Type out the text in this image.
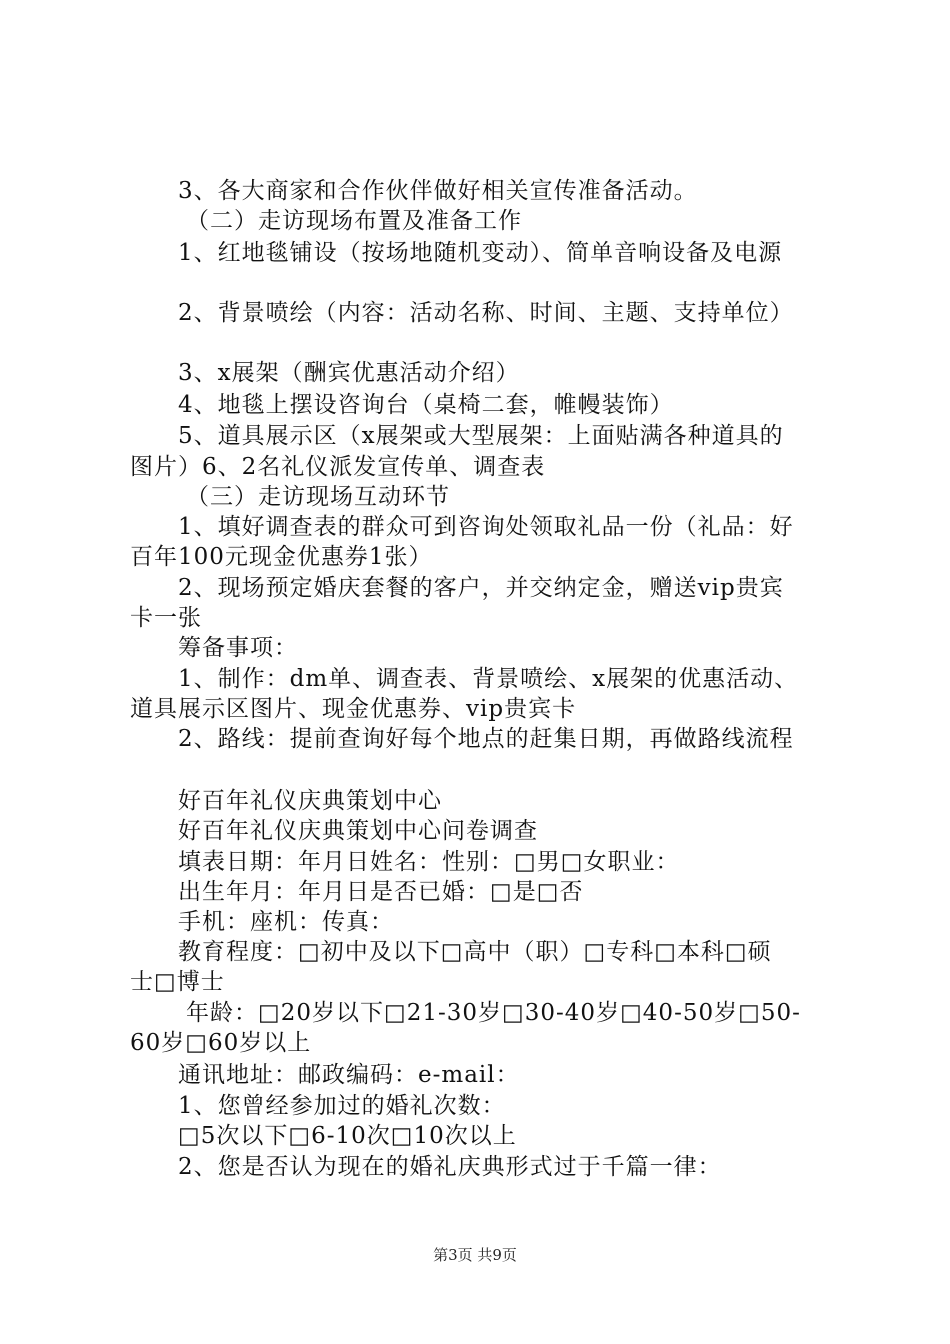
3、各大商家和合作伙伴做好相关宣传准备活动。
（二）走访现场布置及准备工作
1、红地毯铺设（按场地随机变动）、简单音响设备及电源
2、背景喷绘（内容：活动名称、时间、主题、支持单位）
3、x展架（酬宾优惠活动介绍）
4、地毯上摆设咨询台（桌椅二套，帷幔装饰）
5、道具展示区（x展架或大型展架：上面贴满各种道具的
图片）6、2名礼仪派发宣传单、调查表
（三）走访现场互动环节
1、填好调查表的群众可到咨询处领取礼品一份（礼品：好
百年100元现金优惠券1张）
2、现场预定婚庆套餐的客户，并交纳定金，赠送vip贵宾
卡一张
筹备事项：
1、制作：dm单、调查表、背景喷绘、x展架的优惠活动、
道具展示区图片、现金优惠券、vip贵宾卡
2、路线：提前查询好每个地点的赶集日期，再做路线流程
好百年礼仪庆典策划中心
好百年礼仪庆典策划中心问卷调查
填表日期：年月日姓名：性别：□男□女职业：
出生年月：年月日是否已婚：□是□否
手机：座机：传真：
教育程度：□初中及以下□高中（职）□专科□本科□硕
士□博士
年龄：□20岁以下□21-30岁□30-40岁□40-50岁□50-
60岁□60岁以上
通讯地址：邮政编码：e-mail：
1、您曾经参加过的婚礼次数：
□5次以下□6-10次□10次以上
2、您是否认为现在的婚礼庆典形式过于千篇一律：
第3页 共9页
